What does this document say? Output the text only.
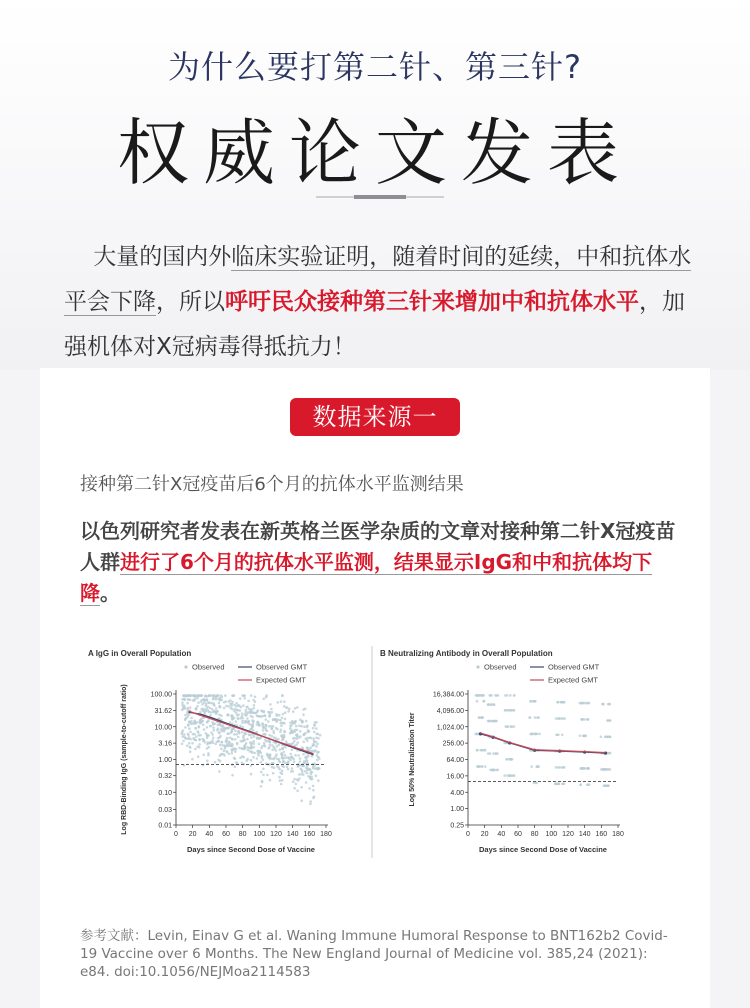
为什么要打第二针、第三针?
权威论文发表
大量的国内外临床实验证明，随着时间的延续，中和抗体水平会下降，所以呼吁民众接种第三针来增加中和抗体水平，加强机体对X冠病毒得抵抗力！
数据来源一
接种第二针X冠疫苗后6个月的抗体水平监测结果
以色列研究者发表在新英格兰医学杂质的文章对接种第二针X冠疫苗人群进行了6个月的抗体水平监测，结果显示IgG和中和抗体均下降。
A IgG in Overall Population
Observed	Observed GMT
Expected GMT
100.00
31.62
10.00
3.16
1.00
0.32
0.10
0.03
0.01
0 20 40 60 80 100 120 140 160 180
Days since Second Dose of Vaccine
Log RBD-Binding IgG (sample-to-cutoff ratio)
B Neutralizing Antibody in Overall Population
Observed	Observed GMT
Expected GMT
16,384.00
4,096.00
1,024.00
256.00
64.00
16.00
4.00
1.00
0.25
0 20 40 60 80 100 120 140 160 180
Days since Second Dose of Vaccine
Log 50% Neutralization Titer
参考文献：Levin, Einav G et al. Waning Immune Humoral Response to BNT162b2 Covid-19 Vaccine over 6 Months. The New England Journal of Medicine vol. 385,24 (2021): e84. doi:10.1056/NEJMoa2114583
